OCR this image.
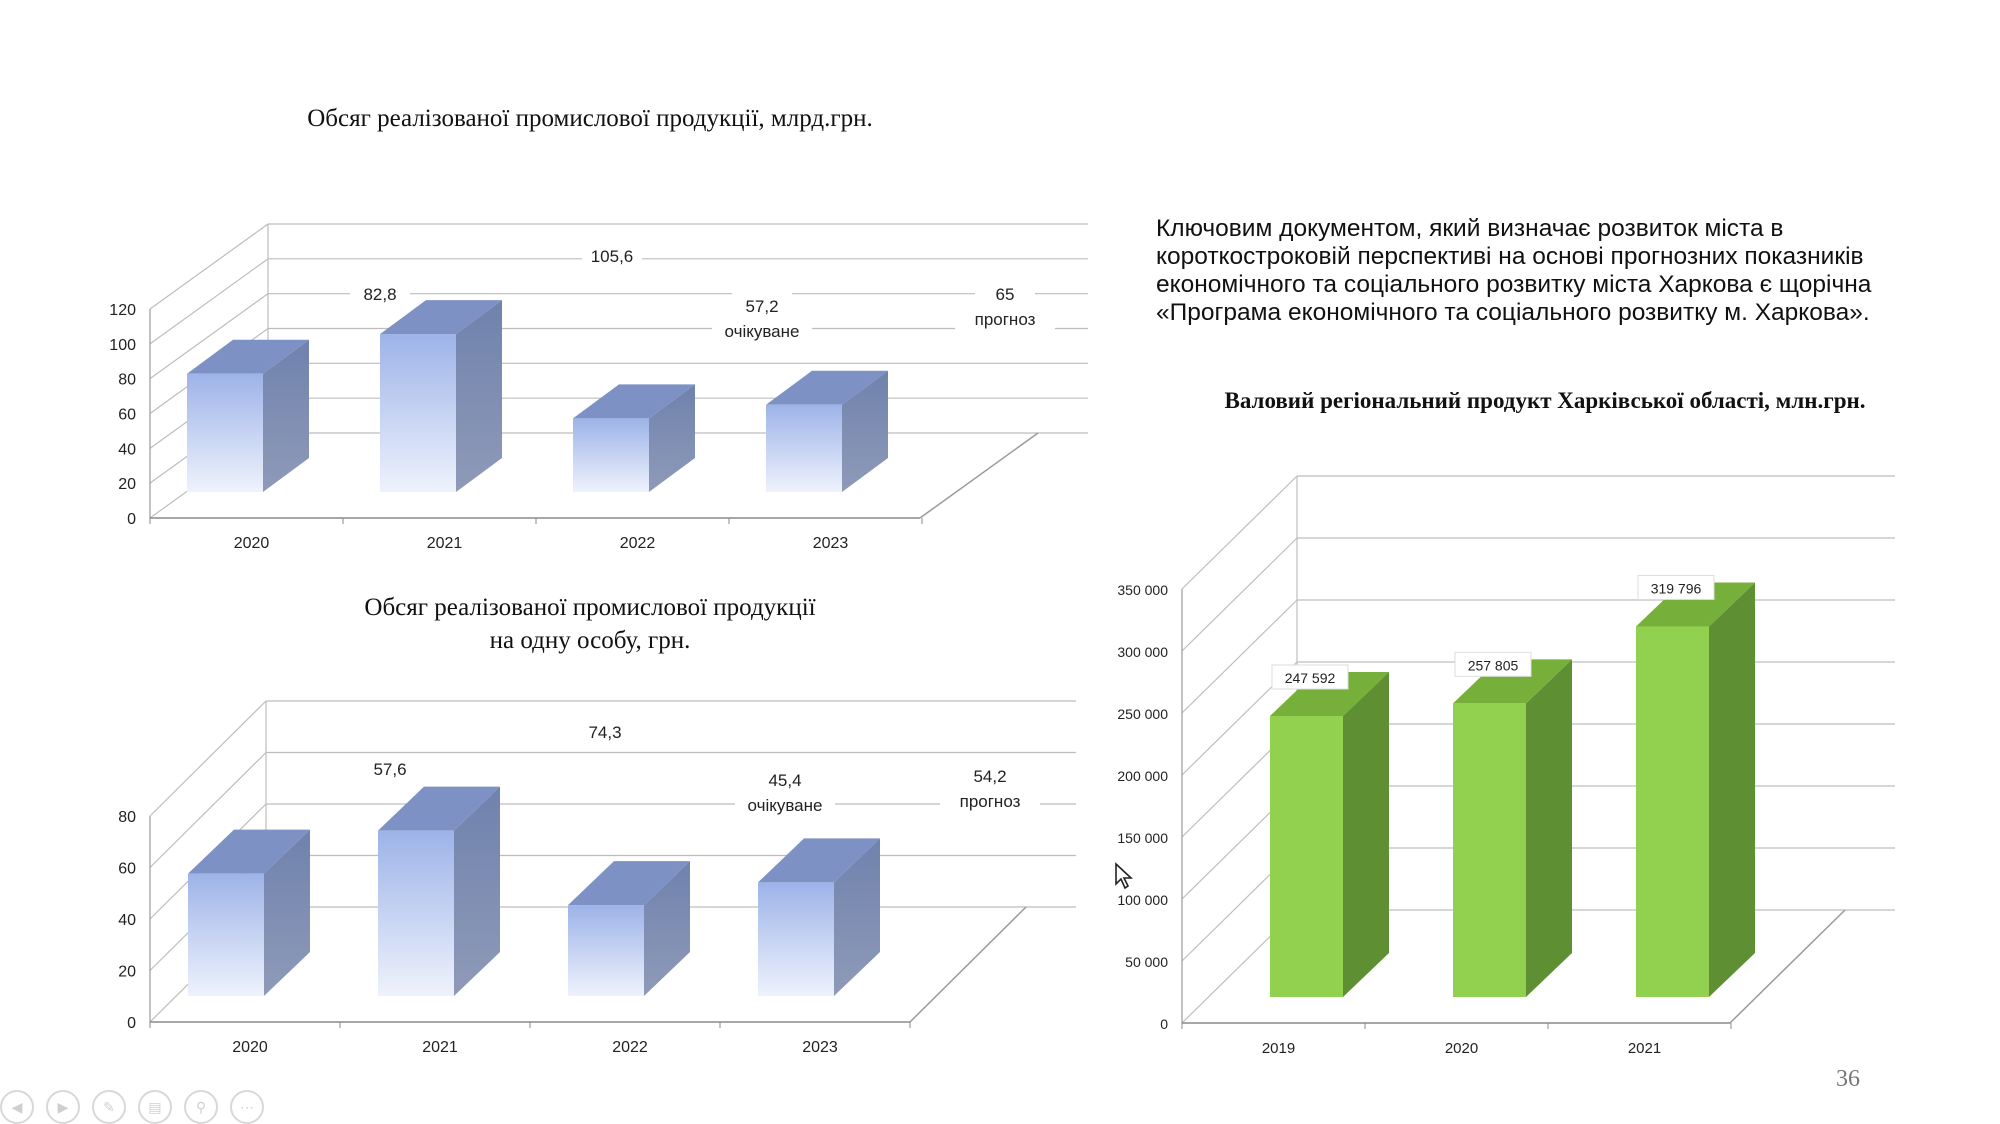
Обсяг реалізованої промислової продукції, млрд.грн.
Обсяг реалізованої промислової продукції
на одну особу, грн.
Валовий регіональний продукт Харківської області, млн.грн.
Ключовим документом, який визначає розвиток міста в короткостроковій перспективі на основі прогнозних показників економічного та соціального розвитку міста Харкова є щорічна «Програма економічного та соціального розвитку м. Харкова».
0
20
40
60
80
100
120
2020
82,8
2021
105,6
2022
57,2
очікуване
2023
65
прогноз
0
20
40
60
80
2020
57,6
2021
74,3
2022
45,4
очікуване
2023
54,2
прогноз
0
50 000
100 000
150 000
200 000
250 000
300 000
350 000
2019
247 592
2020
257 805
2021
319 796
36
◀	▶	✎	▤	⚲	⋯
